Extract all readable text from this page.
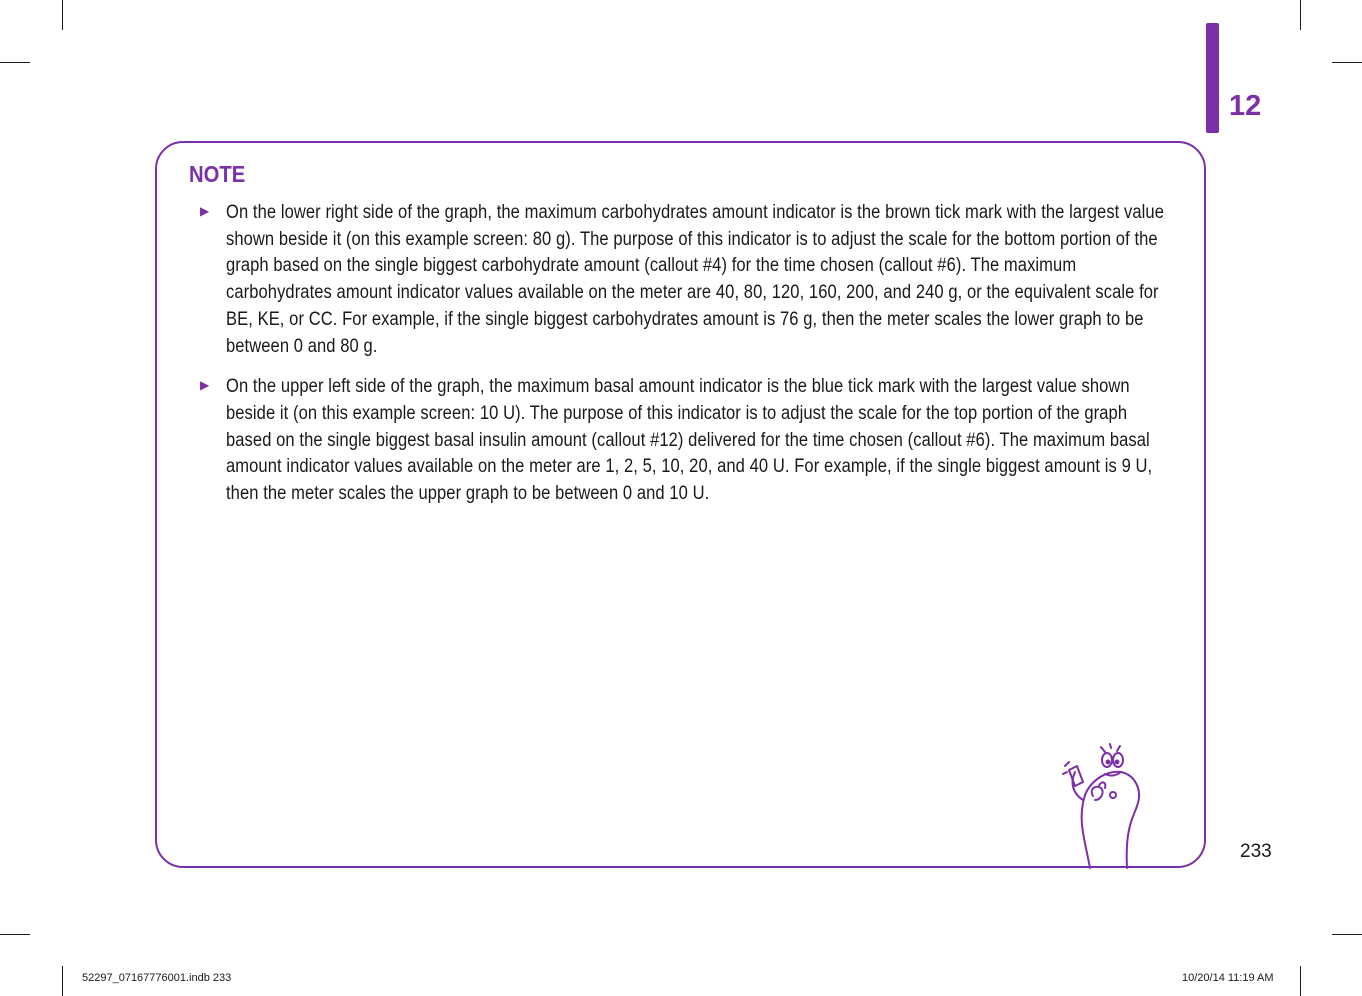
12
NOTE
▶ On the lower right side of the graph, the maximum carbohydrates amount indicator is the brown tick mark with the largest value shown beside it (on this example screen: 80 g). The purpose of this indicator is to adjust the scale for the bottom portion of the graph based on the single biggest carbohydrate amount (callout #4) for the time chosen (callout #6). The maximum carbohydrates amount indicator values available on the meter are 40, 80, 120, 160, 200, and 240 g, or the equivalent scale for BE, KE, or CC. For example, if the single biggest carbohydrates amount is 76 g, then the meter scales the lower graph to be between 0 and 80 g.
▶ On the upper left side of the graph, the maximum basal amount indicator is the blue tick mark with the largest value shown beside it (on this example screen: 10 U). The purpose of this indicator is to adjust the scale for the top portion of the graph based on the single biggest basal insulin amount (callout #12) delivered for the time chosen (callout #6). The maximum basal amount indicator values available on the meter are 1, 2, 5, 10, 20, and 40 U. For example, if the single biggest amount is 9 U, then the meter scales the upper graph to be between 0 and 10 U.
233
52297_07167776001.indb 233	10/20/14 11:19 AM
